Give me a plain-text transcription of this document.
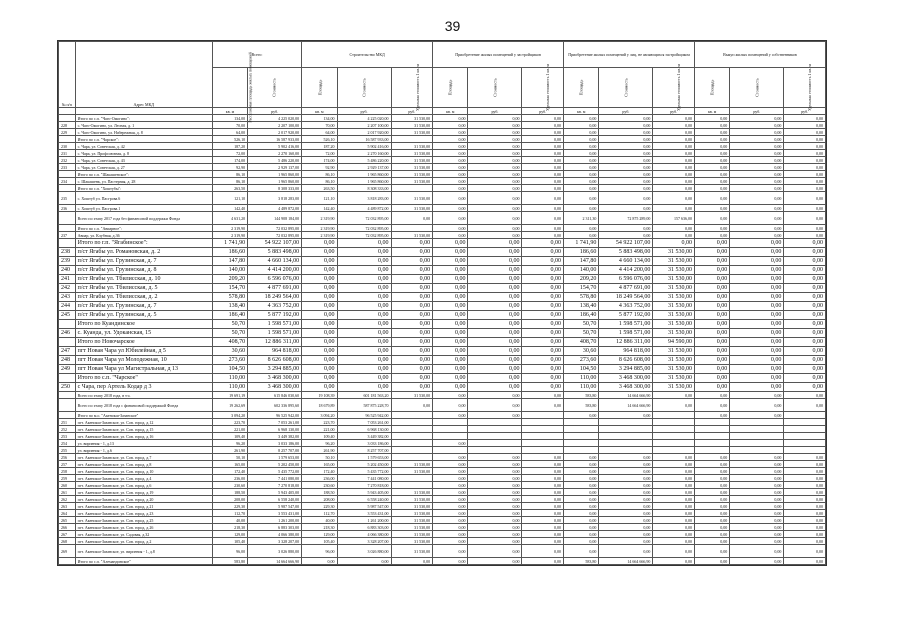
39
№ п/п	Адрес МКД	Всего:		Строительство МКД			Приобретение жилых помещений у застройщиков			Приобретение жилых помещений у лиц, не являющихся застройщиком			Выкуп жилых помещений у собственников		
		Расселяемая площадь жилых помещений	Стоимость	Площадь	Стоимость	Удельная стоимость 1 кв. м	Площадь	Стоимость	Удельная стоимость 1 кв. м	Площадь	Стоимость	Удельная стоимость 1 кв. м	Площадь	Стоимость	Удельная стоимость 1 кв. м
		кв. м	руб.	кв. м	руб.	руб.	кв. м	руб.	руб.	кв. м	руб.	руб.	кв. м	руб.	руб.
	Итого по с.п. "Чаго-Ожогино":	134,00	4 225 020,00	134,00	4 225 020,00	31 530,00	0,00	0,00	0,00	0,00	0,00	0,00	0,00	0,00	0,00
228	с. Чаго-Ожогино, ул. Лесная, д. 1	70,00	2 207 100,00	70,00	2 207 100,00	31 530,00	0,00	0,00	0,00	0,00	0,00	0,00	0,00	0,00	0,00
229	с. Чаго-Ожогино, ул. Набережная, д. 8	64,00	2 017 920,00	64,00	2 017 920,00	31 530,00	0,00	0,00	0,00	0,00	0,00	0,00	0,00	0,00	0,00
	Итого по с.п. "Чарское":	526,10	16 587 933,00	526,10	16 587 933,00		0,00	0,00	0,00	0,00	0,00	0,00	0,00	0,00	0,00
230	с. Чара, ул. Советская, д. 42	187,20	5 902 416,00	187,20	5 902 416,00	31 530,00	0,00	0,00	0,00	0,00	0,00	0,00	0,00	0,00	0,00
231	с. Чара, ул. Профсоюзная, д. 8	72,00	2 270 160,00	72,00	2 270 160,00	31 530,00	0,00	0,00	0,00	0,00	0,00	0,00	0,00	0,00	0,00
232	с. Чара, ул. Советская, д. 43	174,00	5 486 220,00	174,00	5 486 220,00	31 530,00	0,00	0,00	0,00	0,00	0,00	0,00	0,00	0,00	0,00
233	с. Чара, ул. Советская, д. 27	92,90	2 929 137,00	92,90	2 929 137,00	31 530,00	0,00	0,00	0,00	0,00	0,00	0,00	0,00	0,00	0,00
	Итого по с.п. "Шакашенское":	86,10	1 965 860,00	86,10	1 965 860,00	31 530,00	0,00	0,00	0,00	0,00	0,00	0,00	0,00	0,00	0,00
234	с. Шакашенк, ул. Пастерная, д. 28	86,10	1 965 860,00	86,10	1 965 860,00	31 530,00	0,00	0,00	0,00	0,00	0,00	0,00	0,00	0,00	0,00
	Итого по с.п. "Хоштубы":	263,50	8 308 333,00	263,50	8 308 333,00		0,00	0,00	0,00	0,00	0,00	0,00	0,00	0,00	0,00
235	с. Хоштуб ул. Пасгрова.6	121,10	3 818 283,00	121,10	3 818 283,00	31 530,00	0,00	0,00	0,00	0,00	0,00	0,00	0,00	0,00	0,00
236	с. Хоштуб ул. Пасгрова.1	142,40	4 489 872,00	142,40	4 489 872,00	31 530,00	0,00	0,00	0,00	0,00	0,00	0,00	0,00	0,00	0,00
	Всего по этапу 2017 года без финансовой поддержки Фонда	4 631,20	144 908 184,00	2 319,90	72 032 895,00	0,00	0,00	0,00	0,00	2 311,30	72 875 289,00	157 636,00	0,00	0,00	0,00
	Итого по с.п. "Авиарное":	2 319,90	72 032 895,00	2 319,90	72 032 895,00		0,00	0,00	0,00	0,00	0,00	0,00	0,00	0,00	0,00
237	Авиар, ул. Клубная, д.36	2 319,90	72 032 895,00	2 319,90	72 032 895,00	31 530,00	0,00	0,00	0,00	0,00	0,00	0,00	0,00	0,00	0,00
	Итого по г.п. "Ягабинское":	1 741,90	54 922 107,00	0,00	0,00	0,00	0,00	0,00	0,00	1 741,90	54 922 107,00	0,00	0,00	0,00	0,00
238	п/ст Ягабы ул. Романовская, д. 2	186,60	5 883 498,00	0,00	0,00	0,00	0,00	0,00	0,00	186,60	5 883 498,00	31 530,00	0,00	0,00	0,00
239	п/ст Ягабы ул. Грузинская, д. 7	147,80	4 660 134,00	0,00	0,00	0,00	0,00	0,00	0,00	147,80	4 660 134,00	31 530,00	0,00	0,00	0,00
240	п/ст Ягабы ул. Грузинская, д. 8	140,00	4 414 200,00	0,00	0,00	0,00	0,00	0,00	0,00	140,00	4 414 200,00	31 530,00	0,00	0,00	0,00
241	п/ст Ягабы ул. Тбилисская, д. 10	209,20	6 596 076,00	0,00	0,00	0,00	0,00	0,00	0,00	209,20	6 596 076,00	31 530,00	0,00	0,00	0,00
242	п/ст Ягабы ул. Тбилисская, д. 5	154,70	4 877 691,00	0,00	0,00	0,00	0,00	0,00	0,00	154,70	4 877 691,00	31 530,00	0,00	0,00	0,00
243	п/ст Ягабы ул. Тбилисская, д. 2	578,80	18 249 564,00	0,00	0,00	0,00	0,00	0,00	0,00	578,80	18 249 564,00	31 530,00	0,00	0,00	0,00
244	п/ст Ягабы ул. Грузинская, д. 7	138,40	4 363 752,00	0,00	0,00	0,00	0,00	0,00	0,00	138,40	4 363 752,00	31 530,00	0,00	0,00	0,00
245	п/ст Ягабы ул. Грузинская, д. 5	186,40	5 877 192,00	0,00	0,00	0,00	0,00	0,00	0,00	186,40	5 877 192,00	31 530,00	0,00	0,00	0,00
	Итого по Куандинское	50,70	1 598 571,00	0,00	0,00	0,00	0,00	0,00	0,00	50,70	1 598 571,00	31 530,00	0,00	0,00	0,00
246	с. Куанда, ул. Удоканская, 15	50,70	1 598 571,00	0,00	0,00	0,00	0,00	0,00	0,00	50,70	1 598 571,00	31 530,00	0,00	0,00	0,00
	Итого по Новочарское	408,70	12 886 311,00	0,00	0,00	0,00	0,00	0,00	0,00	408,70	12 886 311,00	94 590,00	0,00	0,00	0,00
247	пгт Новая Чара ул Юбилейная, д 5	30,60	964 818,00	0,00	0,00	0,00	0,00	0,00	0,00	30,60	964 818,00	31 530,00	0,00	0,00	0,00
248	пгт Новая Чара ул Молодежная, 10	273,60	8 626 608,00	0,00	0,00	0,00	0,00	0,00	0,00	273,60	8 626 608,00	31 530,00	0,00	0,00	0,00
249	пгт Новая Чара ул Магистральная, д 13	104,50	3 294 885,00	0,00	0,00	0,00	0,00	0,00	0,00	104,50	3 294 885,00	31 530,00	0,00	0,00	0,00
	Итого по с.п. "Чарское"	110,00	3 468 300,00	0,00	0,00	0,00	0,00	0,00	0,00	110,00	3 468 300,00	31 530,00	0,00	0,00	0,00
250	с Чара, пер Артель Кодар д 3	110,00	3 468 300,00	0,00	0,00	0,00	0,00	0,00	0,00	110,00	3 468 300,00	31 530,00	0,00	0,00	0,00
	Всего по этапу 2018 года, в т.ч.	19 691,19	615 846 030,60	19 108,39	601 181 563,20	31 530,00	0,00	0,00	0,00	583,80	14 664 666,90	0,00	0,00	0,00	0,00
	Всего по этапу 2018 года с финансовой поддержкой Фонда	19 262,69	602 336 895,60	18 679,89	587 875 228,70	0,00	0,00	0,00	0,00	583,80	14 664 666,90	0,00	0,00	0,00	0,00
	Итого по м.о. "Акенокш-Зазанское"	3 094,20	96 525 942,00	3 094,20	96 525 942,00		0,00	0,00		0,00	0,00		0,00	0,00	
251	пгт. Акенокш-Зазанское, ул. Сов. город, д.12	223,70	7 053 261,00	223,70	7 053 261,00										
252	пгт. Акенокш-Зазанское, ул. Сов. город, д.15	221,00	6 968 130,00	221,00	6 968 130,00										
253	пгт. Акенокш-Зазанское, ул. Сов. город, д.16	109,40	3 449 382,00	109,40	3 449 382,00										
254	ул. вирпения - 1, д.13	96,20	3 033 186,00	96,20	3 033 186,00		0,00								
255	ул. вирпения - 1, д.6	261,90	8 257 707,00	261,90	8 257 707,00										
256	пгт. Акенокш-Зазанское, ул. Сов. город, д.7	50,10	1 579 653,00	50,10	1 579 653,00		0,00	0,00	0,00	0,00	0,00	0,00	0,00	0,00	0,00
257	пгт. Акенокш-Зазанское, ул. Сов. город, д.8	165,00	5 202 450,00	165,00	5 202 450,00	31 530,00	0,00	0,00	0,00	0,00	0,00	0,00	0,00	0,00	0,00
258	пгт. Акенокш-Зазанское, ул. Сов. город, д.10	172,40	5 435 772,00	172,40	5 435 772,00	31 530,00	0,00	0,00	0,00	0,00	0,00	0,00	0,00	0,00	0,00
259	пгт. Акенокш-Зазанское, ул. Сов. город, д.4	236,00	7 441 080,00	236,00	7 441 080,00		0,00	0,00	0,00	0,00	0,00	0,00	0,00	0,00	0,00
260	пгт. Акенокш-Зазанское, ул. Сов. город, д.6	230,60	7 270 818,00	230,60	7 270 818,00		0,00	0,00	0,00	0,00	0,00	0,00	0,00	0,00	0,00
261	пгт. Акенокш-Зазанское, ул. Сов. город, д.19	188,50	5 943 405,00	188,50	5 943 405,00	31 530,00	0,00	0,00	0,00	0,00	0,00	0,00	0,00	0,00	0,00
262	пгт. Акенокш-Зазанское, ул. Сов. город, д.20	208,00	6 558 240,00	208,00	6 558 240,00	31 530,00	0,00	0,00	0,00	0,00	0,00	0,00	0,00	0,00	0,00
263	пгт. Акенокш-Зазанское, ул. Сов. город, д.21	229,30	5 987 547,00	229,30	5 987 547,00	31 530,00	0,00	0,00	0,00	0,00	0,00	0,00	0,00	0,00	0,00
264	пгт. Акенокш-Зазанское, ул. Сов. город, д.23	112,70	3 553 431,00	112,70	3 553 431,00	31 530,00	0,00	0,00	0,00	0,00	0,00	0,00	0,00	0,00	0,00
265	пгт. Акенокш-Зазанское, ул. Сов. город, д.25	40,00	1 261 200,00	40,00	1 261 200,00	31 530,00	0,00	0,00	0,00	0,00	0,00	0,00	0,00	0,00	0,00
266	пгт. Акенокш-Зазанское, ул. Сов. город, д.26	218,30	6 883 303,00	218,30	6 883 303,00	31 530,00	0,00	0,00	0,00	0,00	0,00	0,00	0,00	0,00	0,00
267	пгт. Акенокш-Зазанское, ул. Садовая, д.32	129,00	4 066 380,00	129,00	4 066 380,00	31 530,00	0,00	0,00	0,00	0,00	0,00	0,00	0,00	0,00	0,00
268	пгт. Акенокш-Зазанское, ул. Сов. город, д.2	105,40	3 328 207,00	105,40	3 328 207,00	31 530,00	0,00	0,00	0,00	0,00	0,00	0,00	0,00	0,00	0,00
269	пгт. Акенокш-Зазанское, ул. вирпения - 1, д.8	96,00	3 026 880,00	96,00	3 026 880,00	31 530,00	0,00	0,00	0,00	0,00	0,00	0,00	0,00	0,00	0,00
	Итого по с.п. "Алемандинское"	583,80	14 664 666,90	0,00	0,00	0,00	0,00	0,00	0,00	583,80	14 664 666,90	0,00	0,00	0,00	0,00
